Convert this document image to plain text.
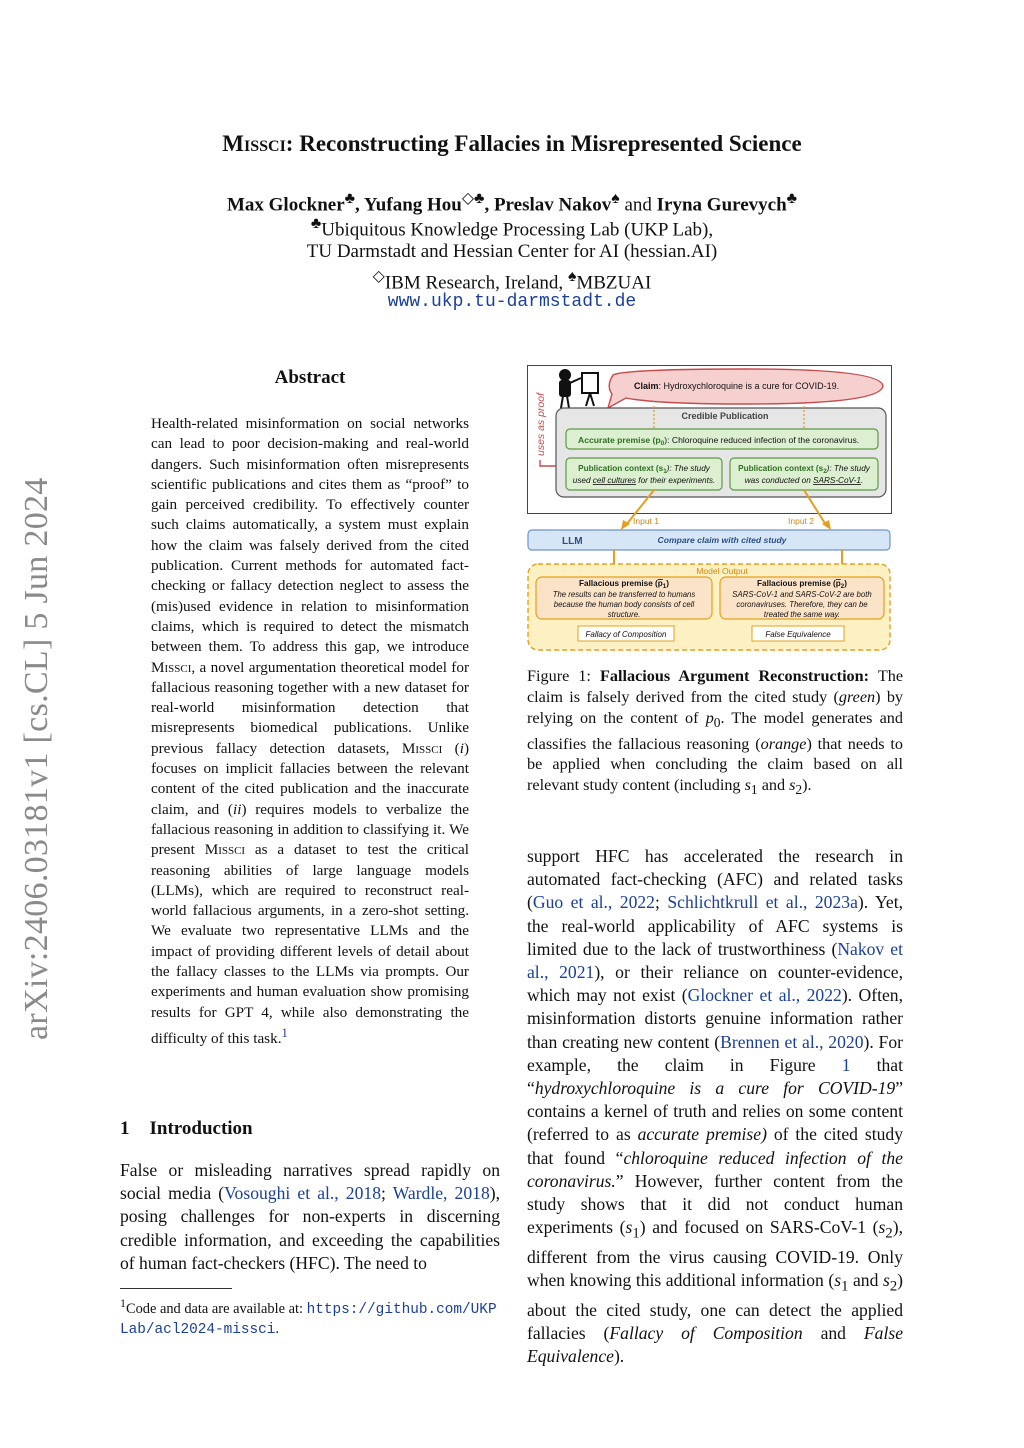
arXiv:2406.03181v1 [cs.CL] 5 Jun 2024
Missci: Reconstructing Fallacies in Misrepresented Science
Max Glockner♣, Yufang Hou◇♣, Preslav Nakov♠ and Iryna Gurevych♣
♣Ubiquitous Knowledge Processing Lab (UKP Lab),
TU Darmstadt and Hessian Center for AI (hessian.AI)
◇IBM Research, Ireland, ♠MBZUAI
www.ukp.tu-darmstadt.de
Abstract
Health-related misinformation on social networks can lead to poor decision-making and real-world dangers. Such misinformation often misrepresents scientific publications and cites them as “proof” to gain perceived credibility. To effectively counter such claims automatically, a system must explain how the claim was falsely derived from the cited publication. Current methods for automated fact-checking or fallacy detection neglect to assess the (mis)used evidence in relation to misinformation claims, which is required to detect the mismatch between them. To address this gap, we introduce Missci, a novel argumentation theoretical model for fallacious reasoning together with a new dataset for real-world misinformation detection that misrepresents biomedical publications. Unlike previous fallacy detection datasets, Missci (i) focuses on implicit fallacies between the relevant content of the cited publication and the inaccurate claim, and (ii) requires models to verbalize the fallacious reasoning in addition to classifying it. We present Missci as a dataset to test the critical reasoning abilities of large language models (LLMs), which are required to reconstruct real-world fallacious arguments, in a zero-shot setting. We evaluate two representative LLMs and the impact of providing different levels of detail about the fallacy classes to the LLMs via prompts. Our experiments and human evaluation show promising results for GPT 4, while also demonstrating the difficulty of this task.$^1$
1 Introduction
False or misleading narratives spread rapidly on social media (Vosoughi et al., 2018; Wardle, 2018), posing challenges for non-experts in discerning credible information, and exceeding the capabilities of human fact-checkers (HFC). The need to
$^1$Code and data are available at: https://github.com/UKPLab/acl2024-missci.
uses as proof
Claim: Hydroxychloroquine is a cure for COVID-19.
Credible Publication
Accurate premise $(p_0)$: Chloroquine reduced infection of the coronavirus.
Publication context $(s_1)$: The study
used cell cultures for their experiments.
Publication context $(s_2)$: The study
was conducted on SARS-CoV-1.
Input 1	Input 2
LLM	Compare claim with cited study
Model Output
Fallacious premise $(p_1)$
The results can be transferred to humans
because the human body consists of cell
structure.
Fallacious premise $(p_2)$
SARS-CoV-1 and SARS-CoV-2 are both
coronaviruses. Therefore, they can be
treated the same way.
Fallacy of Composition	False Equivalence
Figure 1: Fallacious Argument Reconstruction: The claim is falsely derived from the cited study (green) by relying on the content of $p_0$. The model generates and classifies the fallacious reasoning (orange) that needs to be applied when concluding the claim based on all relevant study content (including $s_1$ and $s_2$).
support HFC has accelerated the research in automated fact-checking (AFC) and related tasks (Guo et al., 2022; Schlichtkrull et al., 2023a). Yet, the real-world applicability of AFC systems is limited due to the lack of trustworthiness (Nakov et al., 2021), or their reliance on counter-evidence, which may not exist (Glockner et al., 2022). Often, misinformation distorts genuine information rather than creating new content (Brennen et al., 2020). For example, the claim in Figure 1 that “hydroxychloroquine is a cure for COVID-19” contains a kernel of truth and relies on some content (referred to as accurate premise) of the cited study that found “chloroquine reduced infection of the coronavirus.” However, further content from the study shows that it did not conduct human experiments $(s_1)$ and focused on SARS-CoV-1 $(s_2)$, different from the virus causing COVID-19. Only when knowing this additional information ($s_1$ and $s_2$) about the cited study, one can detect the applied fallacies (Fallacy of Composition and False Equivalence).
